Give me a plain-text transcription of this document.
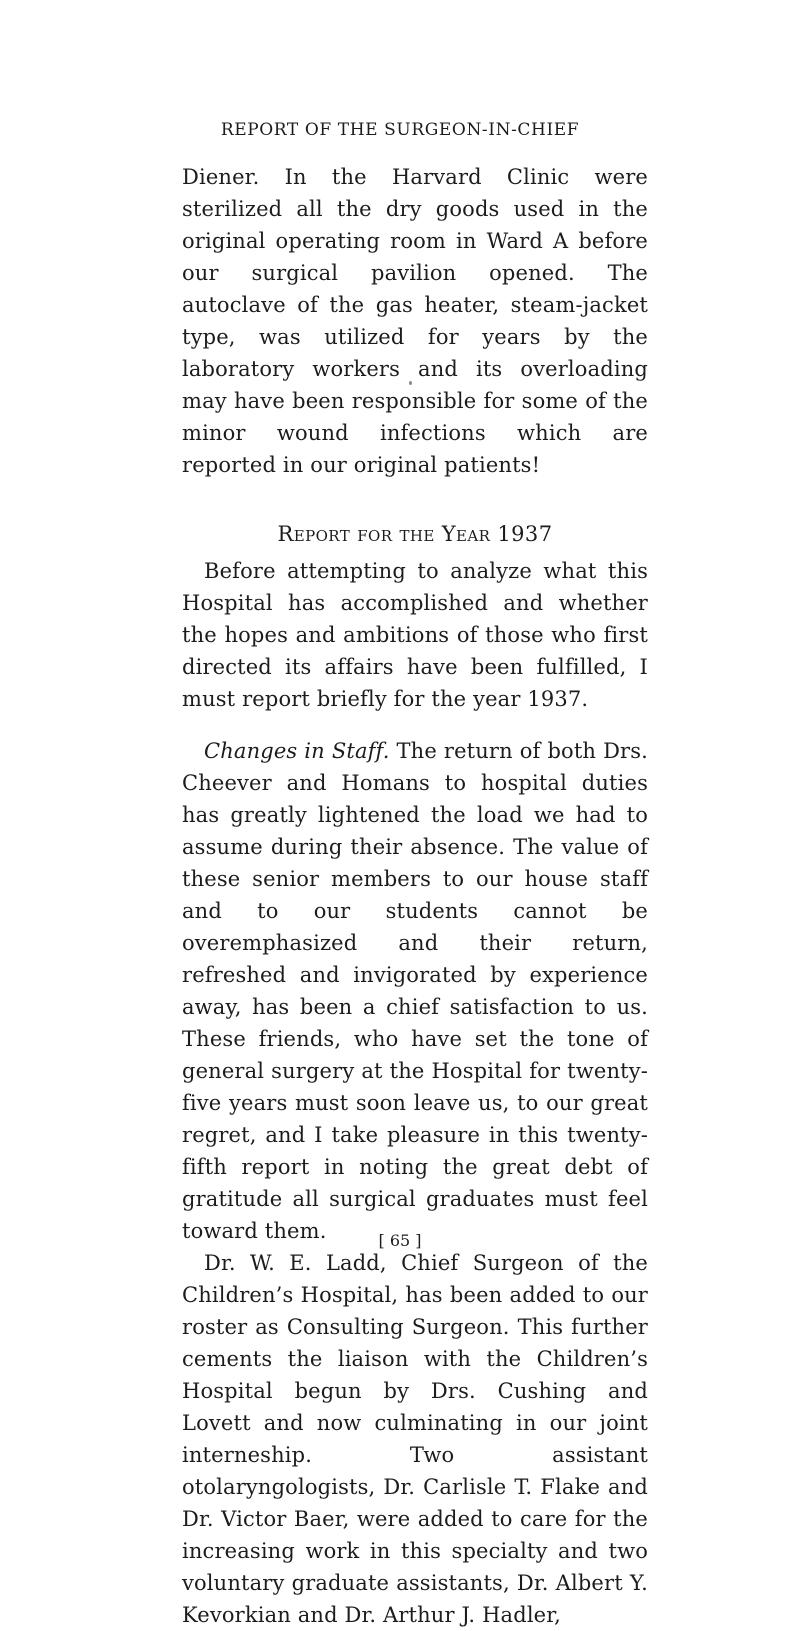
REPORT OF THE SURGEON-IN-CHIEF

Diener. In the Harvard Clinic were sterilized all the dry goods used in the original operating room in Ward A before our surgical pavilion opened. The autoclave of the gas heater, steam-jacket type, was utilized for years by the laboratory workers and its overloading may have been responsible for some of the minor wound infections which are reported in our original patients!

Report for the Year 1937

Before attempting to analyze what this Hospital has accomplished and whether the hopes and ambitions of those who first directed its affairs have been fulfilled, I must report briefly for the year 1937.

Changes in Staff. The return of both Drs. Cheever and Homans to hospital duties has greatly lightened the load we had to assume during their absence. The value of these senior members to our house staff and to our students cannot be overemphasized and their return, refreshed and invigorated by experience away, has been a chief satisfaction to us. These friends, who have set the tone of general surgery at the Hospital for twenty-five years must soon leave us, to our great regret, and I take pleasure in this twenty-fifth report in noting the great debt of gratitude all surgical graduates must feel toward them.

Dr. W. E. Ladd, Chief Surgeon of the Children’s Hospital, has been added to our roster as Consulting Surgeon. This further cements the liaison with the Children’s Hospital begun by Drs. Cushing and Lovett and now culminating in our joint interneship. Two assistant otolaryngologists, Dr. Carlisle T. Flake and Dr. Victor Baer, were added to care for the increasing work in this specialty and two voluntary graduate assistants, Dr. Albert Y. Kevorkian and Dr. Arthur J. Hadler,

[ 65 ]
